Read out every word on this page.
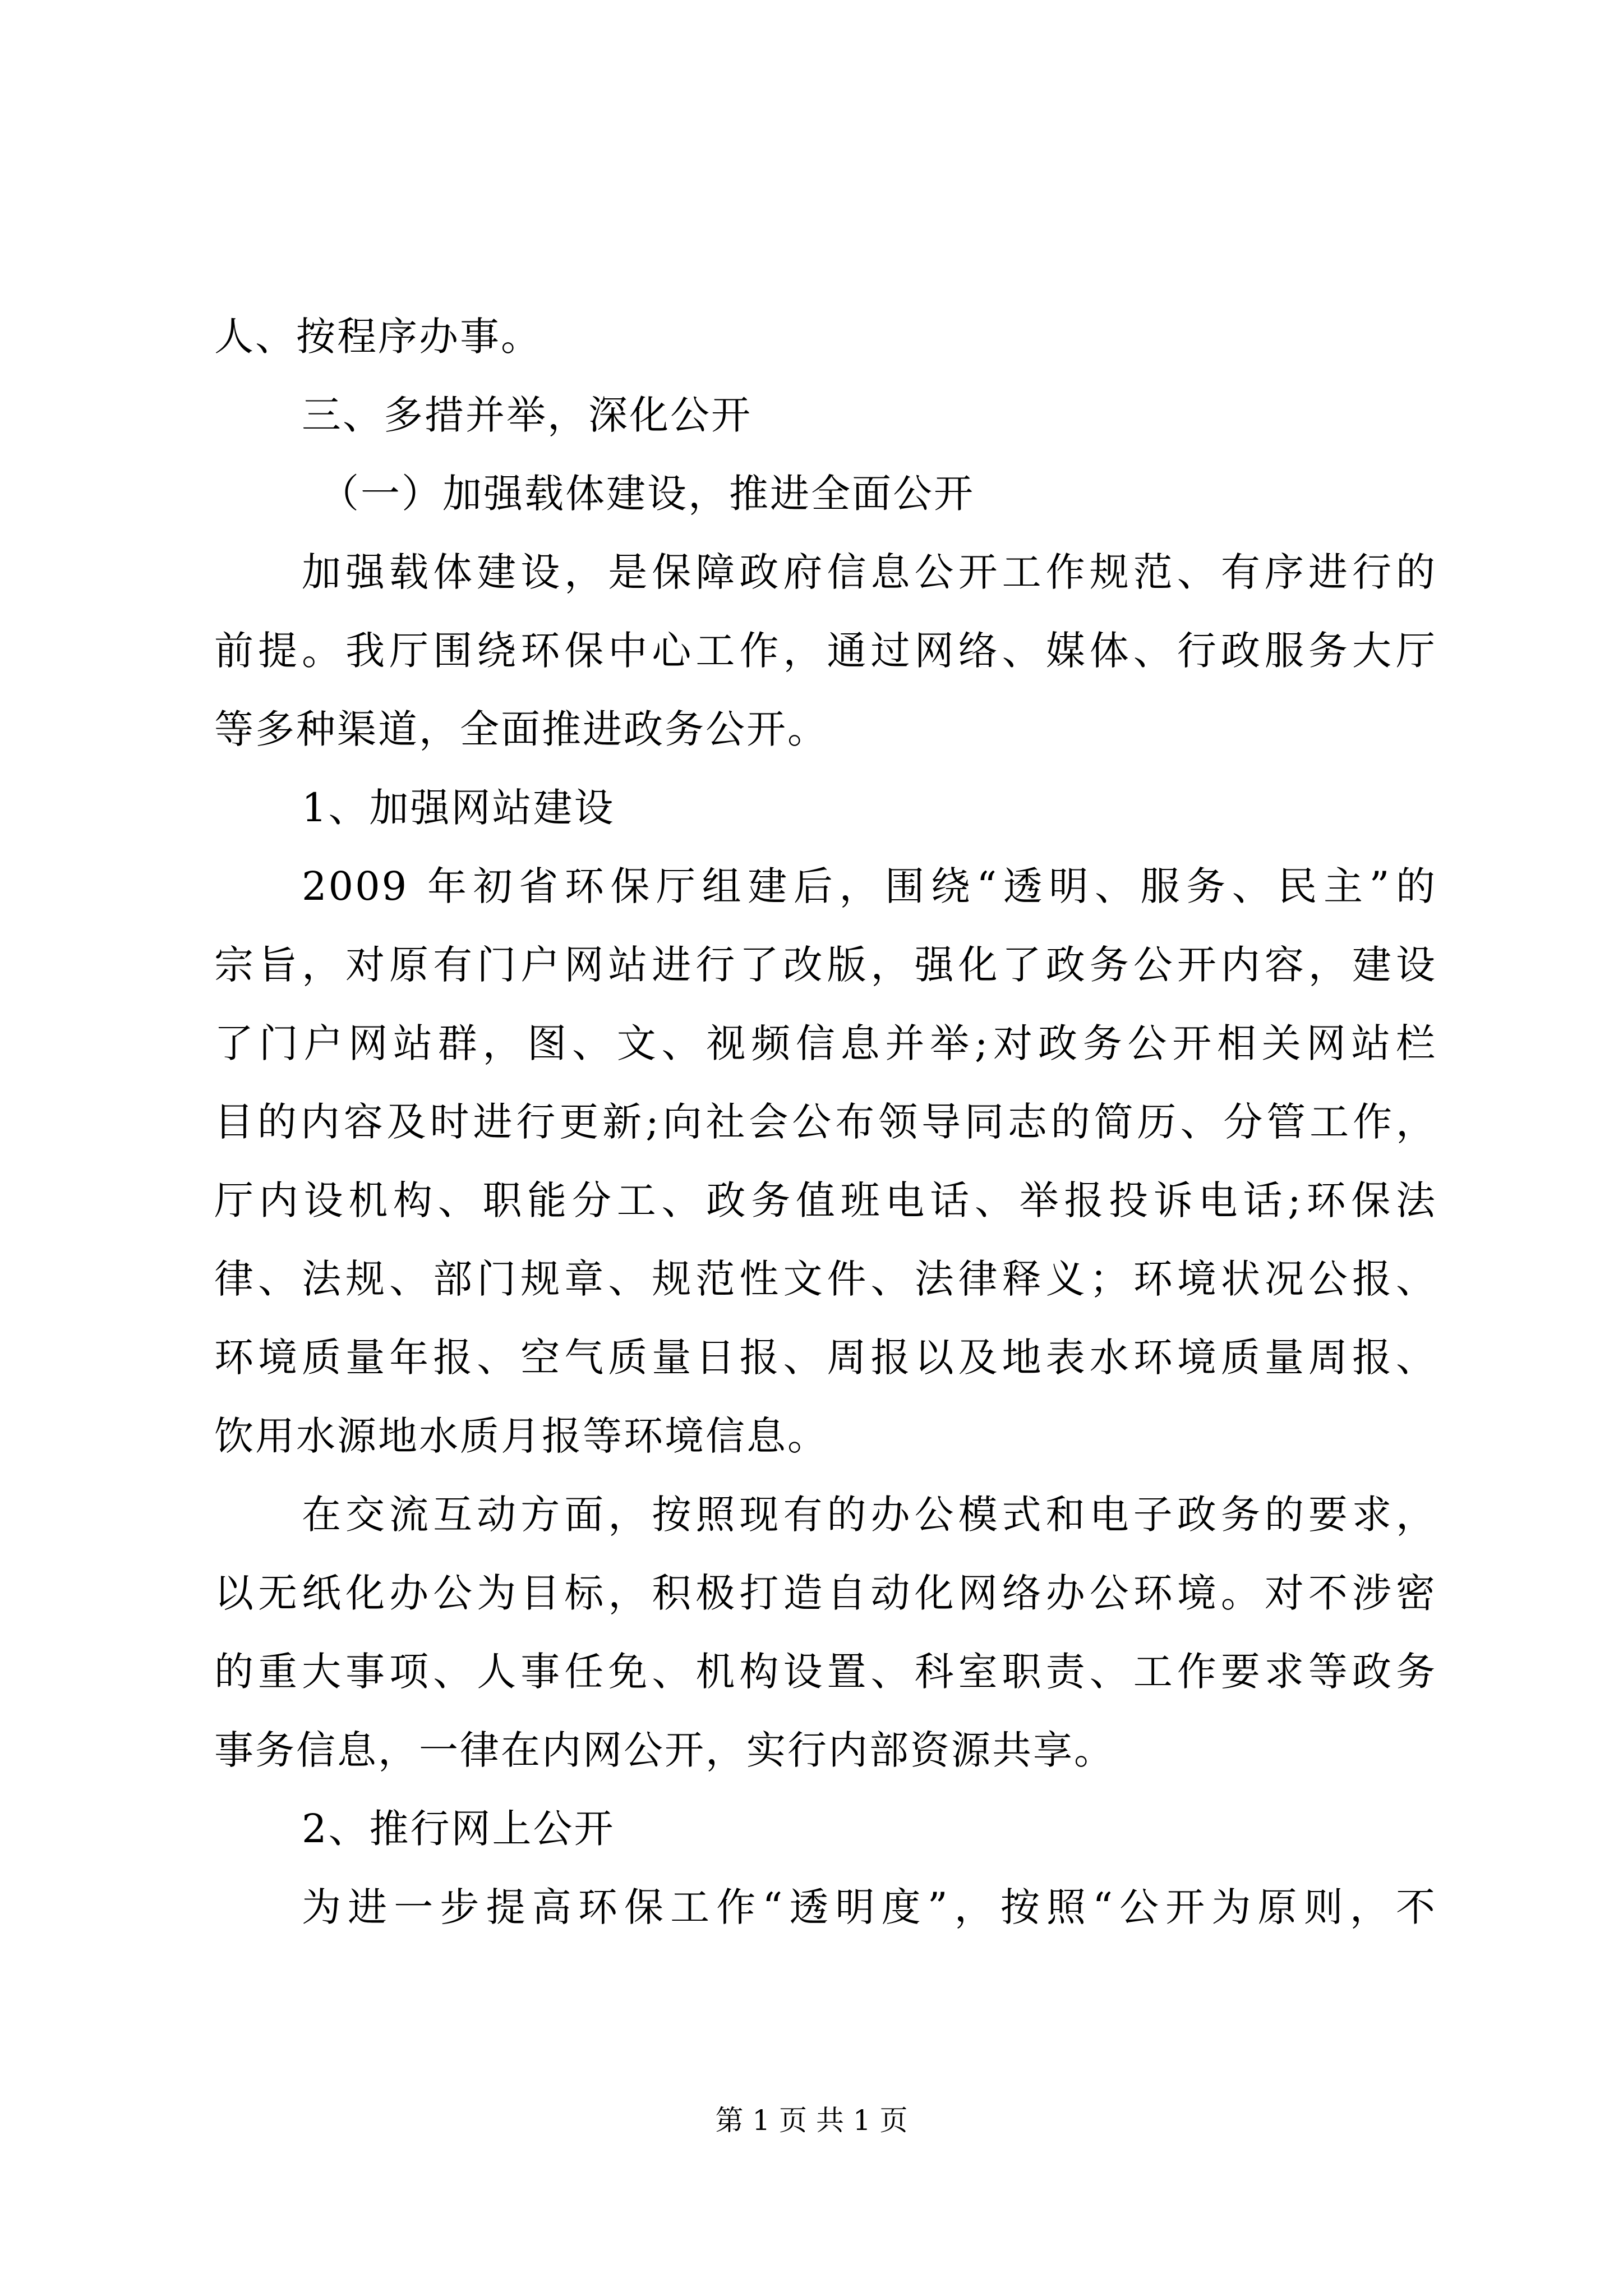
人、按程序办事。
三、多措并举，深化公开
（一）加强载体建设，推进全面公开
加强载体建设，是保障政府信息公开工作规范、有序进行的
前提。我厅围绕环保中心工作，通过网络、媒体、行政服务大厅
等多种渠道，全面推进政务公开。
1、加强网站建设
2009 年初省环保厅组建后，围绕“透明、服务、民主”的
宗旨，对原有门户网站进行了改版，强化了政务公开内容，建设
了门户网站群，图、文、视频信息并举;对政务公开相关网站栏
目的内容及时进行更新;向社会公布领导同志的简历、分管工作，
厅内设机构、职能分工、政务值班电话、举报投诉电话;环保法
律、法规、部门规章、规范性文件、法律释义；环境状况公报、
环境质量年报、空气质量日报、周报以及地表水环境质量周报、
饮用水源地水质月报等环境信息。
在交流互动方面，按照现有的办公模式和电子政务的要求，
以无纸化办公为目标，积极打造自动化网络办公环境。对不涉密
的重大事项、人事任免、机构设置、科室职责、工作要求等政务
事务信息，一律在内网公开，实行内部资源共享。
2、推行网上公开
为进一步提高环保工作“透明度”，按照“公开为原则，不
第 1 页 共 1 页
